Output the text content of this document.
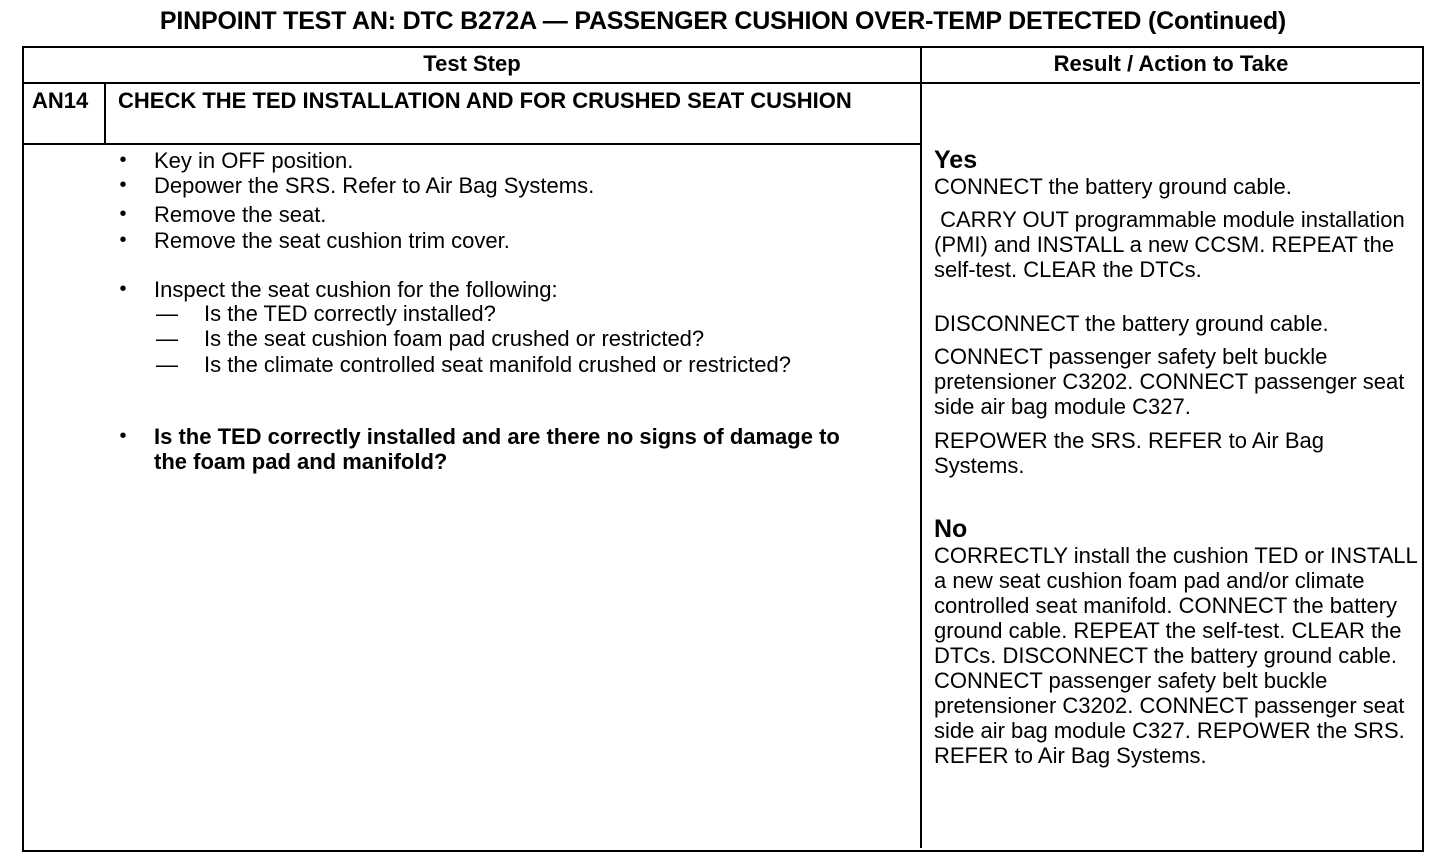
PINPOINT TEST AN: DTC B272A — PASSENGER CUSHION OVER-TEMP DETECTED (Continued)
Test Step	Result / Action to Take
AN14 CHECK THE TED INSTALLATION AND FOR CRUSHED SEAT CUSHION
• Key in OFF position.
• Depower the SRS. Refer to Air Bag Systems.
• Remove the seat.
• Remove the seat cushion trim cover.
• Inspect the seat cushion for the following:
— Is the TED correctly installed?
— Is the seat cushion foam pad crushed or restricted?
— Is the climate controlled seat manifold crushed or restricted?
• Is the TED correctly installed and are there no signs of damage to the foam pad and manifold?
Yes
CONNECT the battery ground cable.
CARRY OUT programmable module installation (PMI) and INSTALL a new CCSM. REPEAT the self-test. CLEAR the DTCs.
DISCONNECT the battery ground cable.
CONNECT passenger safety belt buckle pretensioner C3202. CONNECT passenger seat side air bag module C327.
REPOWER the SRS. REFER to Air Bag Systems.
No
CORRECTLY install the cushion TED or INSTALL a new seat cushion foam pad and/or climate controlled seat manifold. CONNECT the battery ground cable. REPEAT the self-test. CLEAR the DTCs. DISCONNECT the battery ground cable. CONNECT passenger safety belt buckle pretensioner C3202. CONNECT passenger seat side air bag module C327. REPOWER the SRS. REFER to Air Bag Systems.
